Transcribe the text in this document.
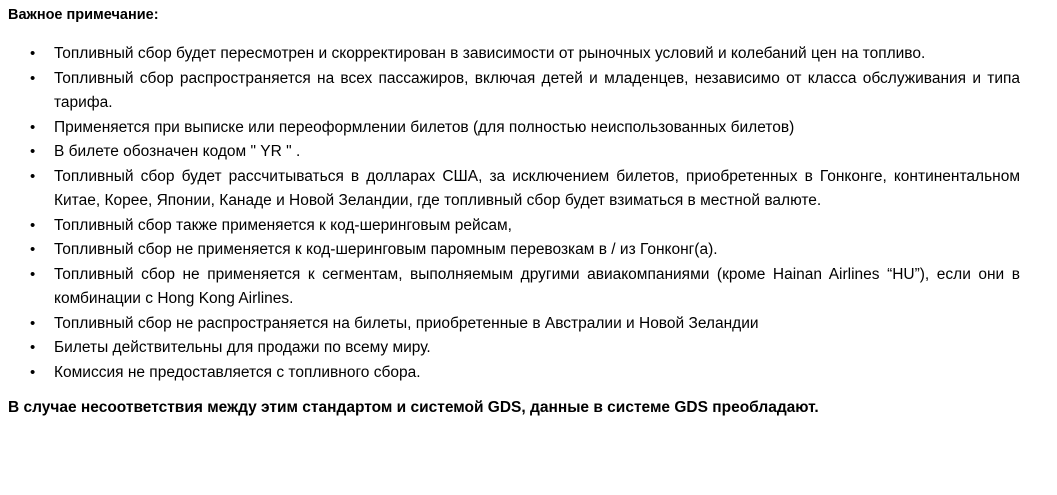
Важное примечание:

• Топливный сбор будет пересмотрен и скорректирован в зависимости от рыночных условий и колебаний цен на топливо.
• Топливный сбор распространяется на всех пассажиров, включая детей и младенцев, независимо от класса обслуживания и типа тарифа.
• Применяется при выписке или переоформлении билетов (для полностью неиспользованных билетов)
• В билете обозначен кодом " YR " .
• Топливный сбор будет рассчитываться в долларах США, за исключением билетов, приобретенных в Гонконге, континентальном Китае, Корее, Японии, Канаде и Новой Зеландии, где топливный сбор будет взиматься в местной валюте.
• Топливный сбор также применяется к код-шеринговым рейсам,
• Топливный сбор не применяется к код-шеринговым паромным перевозкам в / из Гонконг(а).
• Топливный сбор не применяется к сегментам, выполняемым другими авиакомпаниями (кроме Hainan Airlines “HU”), если они в комбинации с Hong Kong Airlines.
• Топливный сбор не распространяется на билеты, приобретенные в Австралии и Новой Зеландии
• Билеты действительны для продажи по всему миру.
• Комиссия не предоставляется с топливного сбора.

В случае несоответствия между этим стандартом и системой GDS, данные в системе GDS преобладают.
